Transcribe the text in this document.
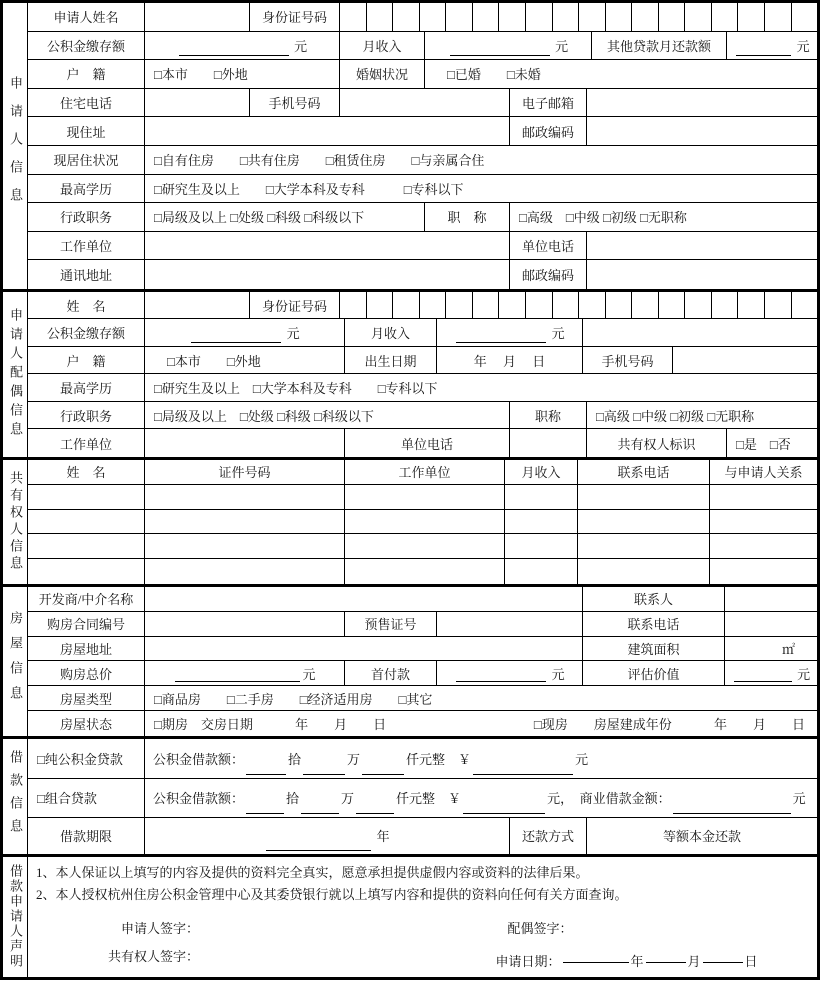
申请人信息
申请人姓名	身份证号码
公积金缴存额	元	月收入	元	其他贷款月还款额	元
户　籍	□本市　　□外地	婚姻状况	　□已婚　　□未婚
住宅电话	手机号码	电子邮箱
现住址	邮政编码
现居住状况	□自有住房　　□共有住房　　□租赁住房　　□与亲属合住
最高学历	□研究生及以上　　□大学本科及专科　　　□专科以下
行政职务	□局级及以上 □处级 □科级 □科级以下	职　称	□高级　□中级 □初级 □无职称
工作单位	单位电话
通讯地址	邮政编码
申请人配偶信息
姓　名	身份证号码
公积金缴存额	元	月收入	元
户　籍	　□本市　　□外地	出生日期	年　 月　 日	手机号码
最高学历	□研究生及以上　□大学本科及专科　　□专科以下
行政职务	□局级及以上　□处级 □科级 □科级以下	职称	□高级 □中级 □初级 □无职称
工作单位	单位电话	共有权人标识	□是　□否
共有权人信息	姓　名	证件号码	工作单位	月收入	联系电话	与申请人关系
房屋信息
开发商/中介名称	联系人
购房合同编号	预售证号	联系电话
房屋地址	建筑面积	㎡
购房总价	元	首付款	元	评估价值	元
房屋类型	□商品房　　□二手房　　□经济适用房　　□其它
房屋状态	□期房　交房日期　　　 年　　月　　日	□现房　　房屋建成年份　　　 年　　月　　日
借款信息	□纯公积金贷款	公积金借款额：	拾	万	仟元整　￥	元
□组合贷款	公积金借款额：	拾	万	仟元整　￥	元，　商业借款金额：	元
借款期限	年	还款方式	等额本金还款
借款申请人声明	1、本人保证以上填写的内容及提供的资料完全真实，愿意承担提供虚假内容或资料的法律后果。
2、本人授权杭州住房公积金管理中心及其委贷银行就以上填写内容和提供的资料向任何有关方面查询。
申请人签字：	配偶签字：
共有权人签字：	申请日期：	年	月	日
